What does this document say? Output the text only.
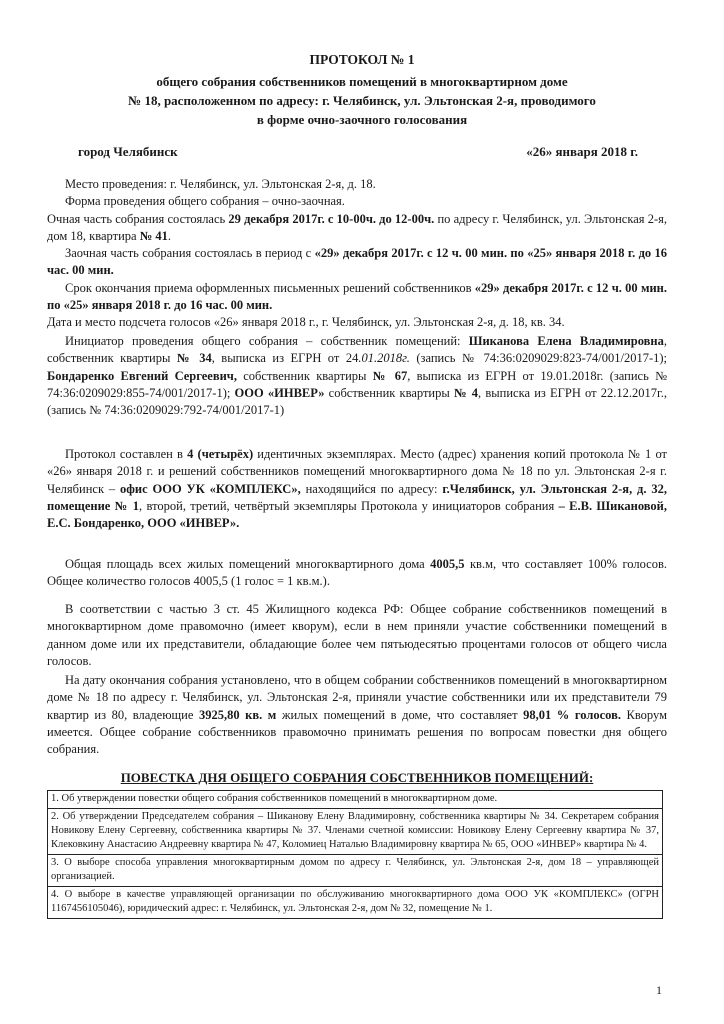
ПРОТОКОЛ № 1
общего собрания собственников помещений в многоквартирном доме
№ 18, расположенном по адресу: г. Челябинск, ул. Эльтонская 2-я, проводимого
в форме очно-заочного голосования
город Челябинск	«26» января 2018 г.

Место проведения: г. Челябинск, ул. Эльтонская 2-я, д. 18.

Форма проведения общего собрания – очно-заочная.

Очная часть собрания состоялась 29 декабря 2017г. с 10-00ч. до 12-00ч. по адресу г. Челябинск, ул. Эльтонская 2-я, дом 18, квартира № 41.

Заочная часть собрания состоялась в период с «29» декабря 2017г. с 12 ч. 00 мин. по «25» января 2018 г. до 16 час. 00 мин.

Срок окончания приема оформленных письменных решений собственников «29» декабря 2017г. с 12 ч. 00 мин. по «25» января 2018 г. до 16 час. 00 мин.

Дата и место подсчета голосов «26» января 2018 г., г. Челябинск, ул. Эльтонская 2-я, д. 18, кв. 34.

Инициатор проведения общего собрания – собственник помещений: Шиканова Елена Владимировна, собственник квартиры № 34, выписка из ЕГРН от 24.01.2018г. (запись № 74:36:0209029:823-74/001/2017-1); Бондаренко Евгений Сергеевич, собственник квартиры № 67, выписка из ЕГРН от 19.01.2018г. (запись № 74:36:0209029:855-74/001/2017-1); ООО «ИНВЕР» собственник квартиры № 4, выписка из ЕГРН от 22.12.2017г., (запись № 74:36:0209029:792-74/001/2017-1)

Протокол составлен в 4 (четырёх) идентичных экземплярах. Место (адрес) хранения копий протокола № 1 от «26» января 2018 г. и решений собственников помещений многоквартирного дома № 18 по ул. Эльтонская 2-я г. Челябинск – офис ООО УК «КОМПЛЕКС», находящийся по адресу: г.Челябинск, ул. Эльтонская 2-я, д. 32, помещение № 1, второй, третий, четвёртый экземпляры Протокола у инициаторов собрания – Е.В. Шикановой, Е.С. Бондаренко, ООО «ИНВЕР».

Общая площадь всех жилых помещений многоквартирного дома 4005,5 кв.м, что составляет 100% голосов. Общее количество голосов 4005,5 (1 голос = 1 кв.м.).

В соответствии с частью 3 ст. 45 Жилищного кодекса РФ: Общее собрание собственников помещений в многоквартирном доме правомочно (имеет кворум), если в нем приняли участие собственники помещений в данном доме или их представители, обладающие более чем пятьюдесятью процентами голосов от общего числа голосов.

На дату окончания собрания установлено, что в общем собрании собственников помещений в многоквартирном доме № 18 по адресу г. Челябинск, ул. Эльтонская 2-я, приняли участие собственники или их представители 79 квартир из 80, владеющие 3925,80 кв. м жилых помещений в доме, что составляет 98,01 % голосов. Кворум имеется. Общее собрание собственников правомочно принимать решения по вопросам повестки дня общего собрания.

ПОВЕСТКА ДНЯ ОБЩЕГО СОБРАНИЯ СОБСТВЕННИКОВ ПОМЕЩЕНИЙ:
1. Об утверждении повестки общего собрания собственников помещений в многоквартирном доме.
2. Об утверждении Председателем собрания – Шиканову Елену Владимировну, собственника квартиры № 34. Секретарем собрания Новикову Елену Сергеевну, собственника квартиры № 37. Членами счетной комиссии: Новикову Елену Сергеевну квартира № 37, Клековкину Анастасию Андреевну квартира № 47, Коломиец Наталью Владимировну квартира № 65, ООО «ИНВЕР» квартира № 4.
3. О выборе способа управления многоквартирным домом по адресу г. Челябинск, ул. Эльтонская 2-я, дом 18 – управляющей организацией.
4. О выборе в качестве управляющей организации по обслуживанию многоквартирного дома ООО УК «КОМПЛЕКС» (ОГРН 1167456105046), юридический адрес: г. Челябинск, ул. Эльтонская 2-я, дом № 32, помещение № 1.
1
